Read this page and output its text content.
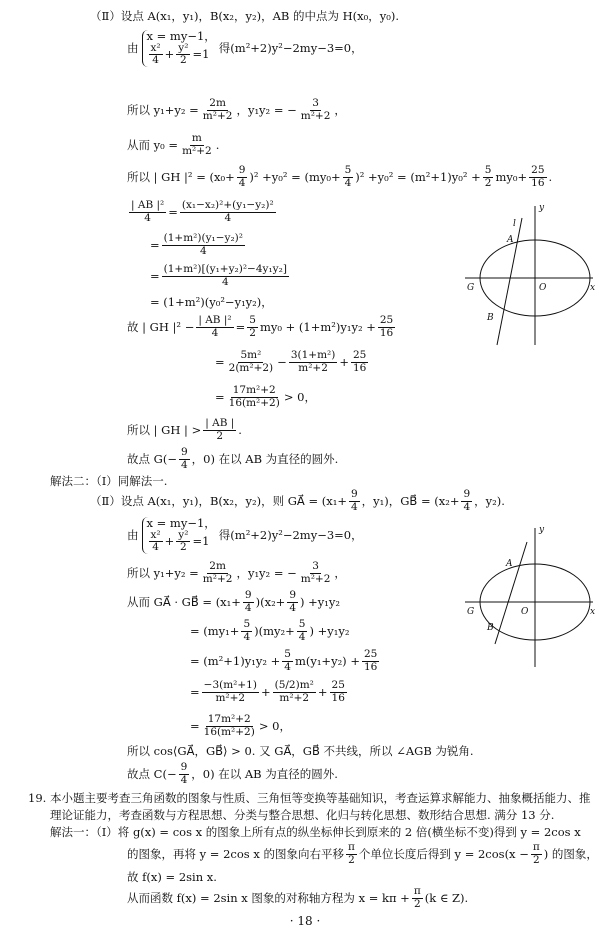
（Ⅱ）设点 A(x₁，y₁)，B(x₂，y₂)，AB 的中点为 H(x₀，y₀).
由
x = my−1，
$\frac{\text{x²}}{4} + \frac{\text{y²}}{2} =1$ 得(m²+2)y²−2my−3=0，
所以 $y_1+y_2 = \frac{2m}{\text{m²+2}}$ ，y₁y₂ = − $\frac{3}{\text{m²+2}}$ ，
从而 $y_0 = \frac{m}{\text{m²+2}}$ .
所以 | GH $|^2 = (x_0+ \frac{9}{4} )^2 +y_0^2 = (my_0+ \frac{5}{4} )^2 +y_0^2 = (m^2+1)y_0^2 + \frac{5}{2} my_0+ \frac{25}{16}$ .
$\frac{\text{| AB |²}}{4} = \frac{\text{(x₁−x₂)²+(y₁−y₂)²}}{4}$
= $\frac{\text{(1+m²)(y₁−y₂)²}}{4}$
= $\frac{\text{(1+m²)[(y₁+y₂)²−4y₁y₂]}}{4}$
= (1+m²)(y₀²−y₁y₂)，
故 | GH $|^2 - \frac{\text{| AB |²}}{4} = \frac{5}{2} my_0 + (1+m^2)y_1y_2 + \frac{25}{16}$
= $\frac{\text{5m²}}{\text{2(m²+2)}} - \frac{\text{3(1+m²)}}{\text{m²+2}} + \frac{25}{16}$
= $\frac{\text{17m²+2}}{\text{16(m²+2)}} > 0$，
所以 | GH | > $\frac{| AB |}{2}$ .
故点 $G(- \frac{9}{4}$ ，0) 在以 AB 为直径的圆外.
解法二：（Ⅰ）同解法一.
（Ⅱ）设点 A(x₁，y₁)，B(x₂，y₂)，则 GA⃗ = ($x_1+ \frac{9}{4}$ ，y₁)，GB⃗ = ($x_2+ \frac{9}{4}$ ，y₂).
由
x = my−1，
$\frac{\text{x²}}{4} + \frac{\text{y²}}{2} =1$ 得(m²+2)y²−2my−3=0，
所以 $y_1+y_2 = \frac{2m}{\text{m²+2}}$ ，y₁y₂ = − $\frac{3}{\text{m²+2}}$ ，
从而 GA⃗ · GB⃗ = $(x_1+ \frac{9}{4} )(x_2+ \frac{9}{4}$ ) +y₁y₂
= $(my_1+ \frac{5}{4} )(my_2+ \frac{5}{4}$ ) +y₁y₂
= $(m^2+1)y_1y_2 + \frac{5}{4} m(y_1+y_2) + \frac{25}{16}$
= $\frac{\text{−3(m²+1)}}{\text{m²+2}} + \frac{\text{(5/2)m²}}{\text{m²+2}} + \frac{25}{16}$
= $\frac{\text{17m²+2}}{\text{16(m²+2)}} > 0$，
所以 cos⟨GA⃗，GB⃗⟩ > 0. 又 GA⃗，GB⃗ 不共线，所以 ∠AGB 为锐角.
故点 $C(- \frac{9}{4}$ ，0) 在以 AB 为直径的圆外.
19. 本小题主要考查三角函数的图象与性质、三角恒等变换等基础知识，考查运算求解能力、抽象概括能力、推
理论证能力，考查函数与方程思想、分类与整合思想、化归与转化思想、数形结合思想. 满分 13 分.
解法一：（Ⅰ）将 g(x) = cos x 的图象上所有点的纵坐标伸长到原来的 2 倍(横坐标不变)得到 y = 2cos x
的图象，再将 y = 2cos x 的图象向右平移 $\frac{\pi}{2}$ 个单位长度后得到 $y = 2\cos(x - \frac{\pi}{2}$ ) 的图象，
故 f(x) = 2sin x.
从而函数 f(x) = 2sin x 图象的对称轴方程为 $x = k\pi + \frac{\pi}{2} (k$ ∈ Z).
x
y
O
G
A
B
l
x
y
O
G
A
B
· 18 ·
